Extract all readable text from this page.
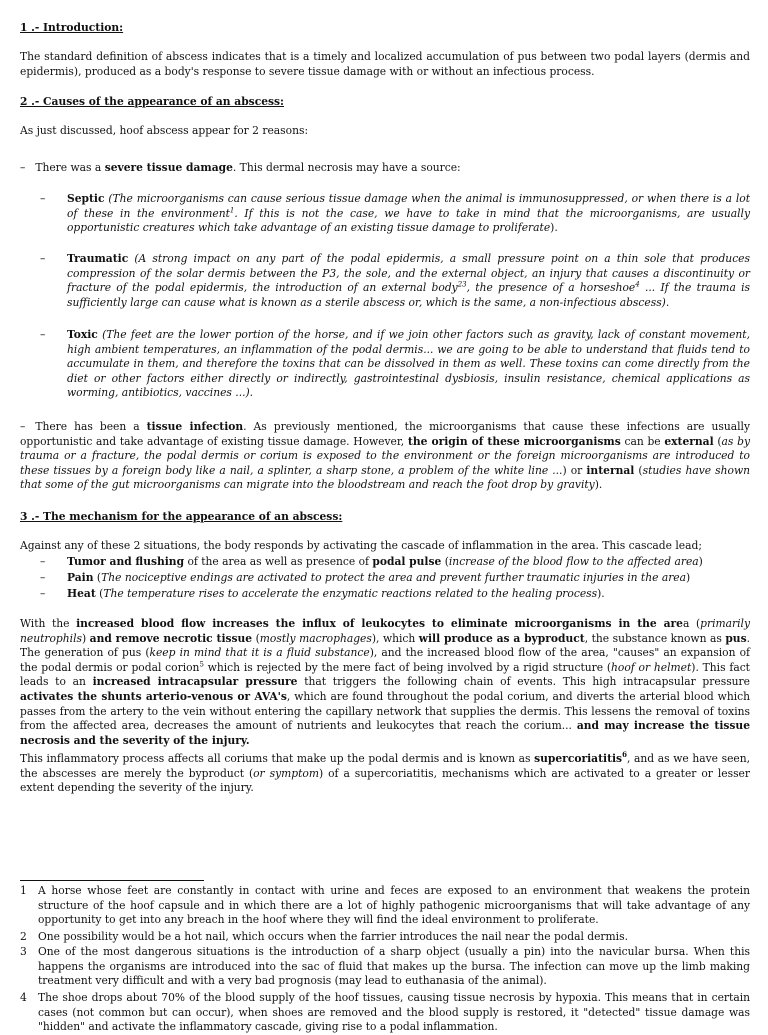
1 .- Introduction:
The standard definition of abscess indicates that is a timely and localized accumulation of pus between two podal layers (dermis and epidermis), produced as a body's response to severe tissue damage with or without an infectious process.
2 .- Causes of the appearance of an abscess:
As just discussed, hoof abscess appear for 2 reasons:
– There was a severe tissue damage. This dermal necrosis may have a source:
– Septic (The microorganisms can cause serious tissue damage when the animal is immunosuppressed, or when there is a lot of these in the environment$^1$. If this is not the case, we have to take in mind that the microorganisms, are usually opportunistic creatures which take advantage of an existing tissue damage to proliferate).
– Traumatic (A strong impact on any part of the podal epidermis, a small pressure point on a thin sole that produces compression of the solar dermis between the P3, the sole, and the external object, an injury that causes a discontinuity or fracture of the podal epidermis, the introduction of an external body$^{23}$, the presence of a horseshoe$^4$ ... If the trauma is sufficiently large can cause what is known as a sterile abscess or, which is the same, a non-infectious abscess).
– Toxic (The feet are the lower portion of the horse, and if we join other factors such as gravity, lack of constant movement, high ambient temperatures, an inflammation of the podal dermis... we are going to be able to understand that fluids tend to accumulate in them, and therefore the toxins that can be dissolved in them as well. These toxins can come directly from the diet or other factors either directly or indirectly, gastrointestinal dysbiosis, insulin resistance, chemical applications as worming, antibiotics, vaccines ...).
– There has been a tissue infection. As previously mentioned, the microorganisms that cause these infections are usually opportunistic and take advantage of existing tissue damage. However, the origin of these microorganisms can be external (as by trauma or a fracture, the podal dermis or corium is exposed to the environment or the foreign microorganisms are introduced to these tissues by a foreign body like a nail, a splinter, a sharp stone, a problem of the white line ...) or internal (studies have shown that some of the gut microorganisms can migrate into the bloodstream and reach the foot drop by gravity).
3 .- The mechanism for the appearance of an abscess:
Against any of these 2 situations, the body responds by activating the cascade of inflammation in the area. This cascade lead;
– Tumor and flushing of the area as well as presence of podal pulse (increase of the blood flow to the affected area)
– Pain (The nociceptive endings are activated to protect the area and prevent further traumatic injuries in the area)
– Heat (The temperature rises to accelerate the enzymatic reactions related to the healing process).
With the increased blood flow increases the influx of leukocytes to eliminate microorganisms in the area (primarily neutrophils) and remove necrotic tissue (mostly macrophages), which will produce as a byproduct, the substance known as pus. The generation of pus (keep in mind that it is a fluid substance), and the increased blood flow of the area, "causes" an expansion of the podal dermis or podal corion$^5$ which is rejected by the mere fact of being involved by a rigid structure (hoof or helmet). This fact leads to an increased intracapsular pressure that triggers the following chain of events. This high intracapsular pressure activates the shunts arterio-venous or AVA's, which are found throughout the podal corium, and diverts the arterial blood which passes from the artery to the vein without entering the capillary network that supplies the dermis. This lessens the removal of toxins from the affected area, decreases the amount of nutrients and leukocytes that reach the corium... and may increase the tissue necrosis and the severity of the injury.
This inflammatory process affects all coriums that make up the podal dermis and is known as supercoriatitis$^6$, and as we have seen, the abscesses are merely the byproduct (or symptom) of a supercoriatitis, mechanisms which are activated to a greater or lesser extent depending the severity of the injury.
1 A horse whose feet are constantly in contact with urine and feces are exposed to an environment that weakens the protein structure of the hoof capsule and in which there are a lot of highly pathogenic microorganisms that will take advantage of any opportunity to get into any breach in the hoof where they will find the ideal environment to proliferate.
2 One possibility would be a hot nail, which occurs when the farrier introduces the nail near the podal dermis.
3 One of the most dangerous situations is the introduction of a sharp object (usually a pin) into the navicular bursa. When this happens the organisms are introduced into the sac of fluid that makes up the bursa. The infection can move up the limb making treatment very difficult and with a very bad prognosis (may lead to euthanasia of the animal).
4 The shoe drops about 70% of the blood supply of the hoof tissues, causing tissue necrosis by hypoxia. This means that in certain cases (not common but can occur), when shoes are removed and the blood supply is restored, it "detected" tissue damage was "hidden" and activate the inflammatory cascade, giving rise to a podal inflammation.
